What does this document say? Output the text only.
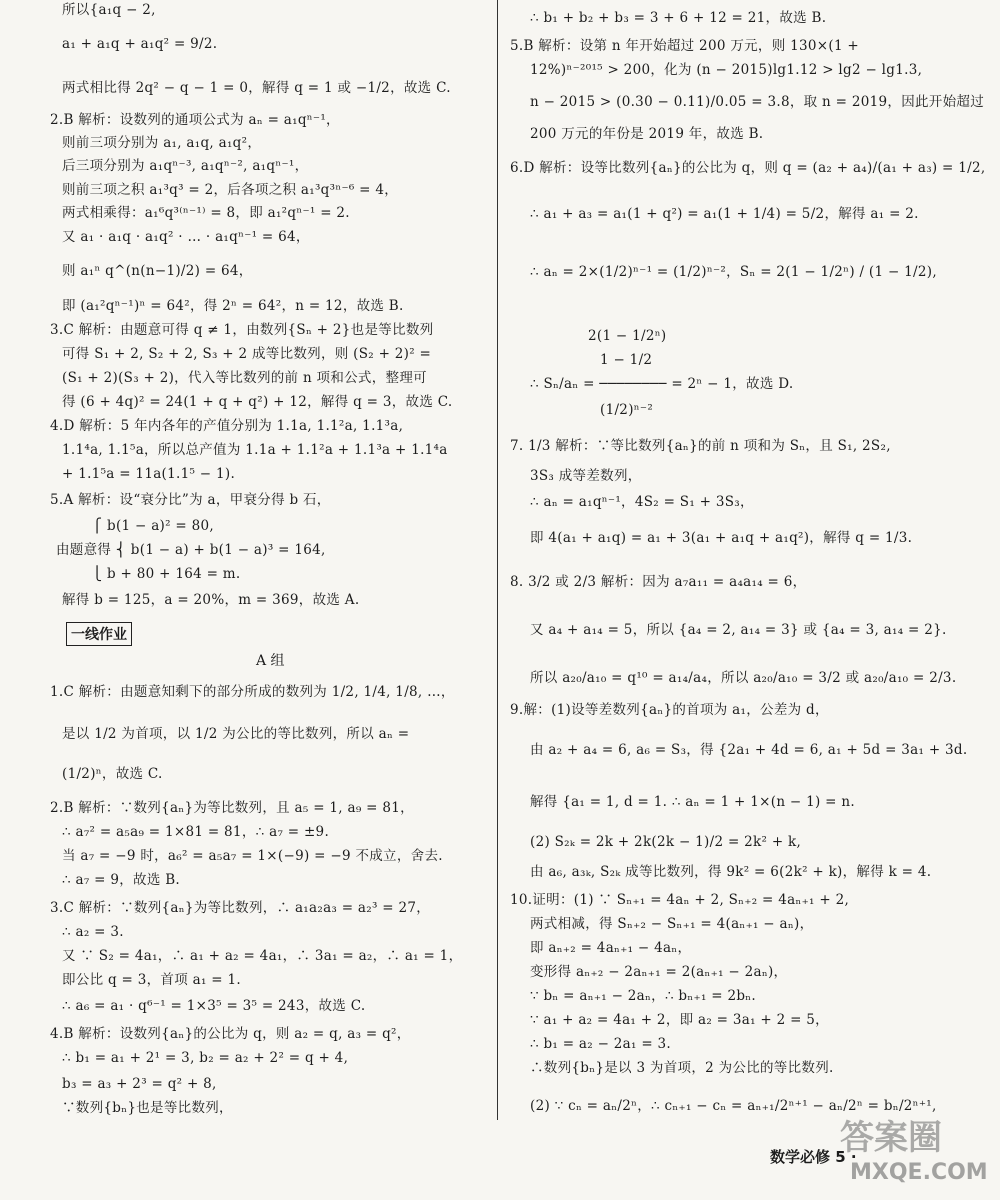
所以{a₁q − 2,
a₁ + a₁q + a₁q² = 9/2.
两式相比得 2q² − q − 1 = 0，解得 q = 1 或 −1/2，故选 C.
2.B 解析：设数列的通项公式为 aₙ = a₁qⁿ⁻¹，
则前三项分别为 a₁, a₁q, a₁q²，
后三项分别为 a₁qⁿ⁻³, a₁qⁿ⁻², a₁qⁿ⁻¹，
则前三项之积 a₁³q³ = 2，后各项之积 a₁³q³ⁿ⁻⁶ = 4，
两式相乘得：a₁⁶q³⁽ⁿ⁻¹⁾ = 8，即 a₁²qⁿ⁻¹ = 2.
又 a₁ · a₁q · a₁q² · … · a₁qⁿ⁻¹ = 64，
则 a₁ⁿ q^(n(n−1)/2) = 64，
即 (a₁²qⁿ⁻¹)ⁿ = 64²，得 2ⁿ = 64²，n = 12，故选 B.
3.C 解析：由题意可得 q ≠ 1，由数列{Sₙ + 2}也是等比数列
可得 S₁ + 2, S₂ + 2, S₃ + 2 成等比数列，则 (S₂ + 2)² =
(S₁ + 2)(S₃ + 2)，代入等比数列的前 n 项和公式，整理可
得 (6 + 4q)² = 24(1 + q + q²) + 12，解得 q = 3，故选 C.
4.D 解析：5 年内各年的产值分别为 1.1a, 1.1²a, 1.1³a,
1.1⁴a, 1.1⁵a，所以总产值为 1.1a + 1.1²a + 1.1³a + 1.1⁴a
+ 1.1⁵a = 11a(1.1⁵ − 1).
5.A 解析：设“衰分比”为 a，甲衰分得 b 石，
⎧ b(1 − a)² = 80,
由题意得 ⎨ b(1 − a) + b(1 − a)³ = 164,
⎩ b + 80 + 164 = m.
解得 b = 125，a = 20%，m = 369，故选 A.
1.C 解析：由题意知剩下的部分所成的数列为 1/2, 1/4, 1/8, …，
是以 1/2 为首项，以 1/2 为公比的等比数列，所以 aₙ =
(1/2)ⁿ，故选 C.
2.B 解析：∵数列{aₙ}为等比数列，且 a₅ = 1, a₉ = 81，
∴ a₇² = a₅a₉ = 1×81 = 81，∴ a₇ = ±9.
当 a₇ = −9 时，a₆² = a₅a₇ = 1×(−9) = −9 不成立，舍去.
∴ a₇ = 9，故选 B.
3.C 解析：∵数列{aₙ}为等比数列，∴ a₁a₂a₃ = a₂³ = 27，
∴ a₂ = 3.
又 ∵ S₂ = 4a₁，∴ a₁ + a₂ = 4a₁，∴ 3a₁ = a₂，∴ a₁ = 1，
即公比 q = 3，首项 a₁ = 1.
∴ a₆ = a₁ · q⁶⁻¹ = 1×3⁵ = 3⁵ = 243，故选 C.
4.B 解析：设数列{aₙ}的公比为 q，则 a₂ = q, a₃ = q²，
∴ b₁ = a₁ + 2¹ = 3, b₂ = a₂ + 2² = q + 4,
b₃ = a₃ + 2³ = q² + 8,
∵数列{bₙ}也是等比数列，
一线作业
A 组
∴ b₁ + b₂ + b₃ = 3 + 6 + 12 = 21，故选 B.
5.B 解析：设第 n 年开始超过 200 万元，则 130×(1 +
12%)ⁿ⁻²⁰¹⁵ > 200，化为 (n − 2015)lg1.12 > lg2 − lg1.3,
n − 2015 > (0.30 − 0.11)/0.05 = 3.8，取 n = 2019，因此开始超过
200 万元的年份是 2019 年，故选 B.
6.D 解析：设等比数列{aₙ}的公比为 q，则 q = (a₂ + a₄)/(a₁ + a₃) = 1/2,
∴ a₁ + a₃ = a₁(1 + q²) = a₁(1 + 1/4) = 5/2，解得 a₁ = 2.
∴ aₙ = 2×(1/2)ⁿ⁻¹ = (1/2)ⁿ⁻²，Sₙ = 2(1 − 1/2ⁿ) / (1 − 1/2),
2(1 − 1/2ⁿ)
1 − 1/2
∴ Sₙ/aₙ = ──────── = 2ⁿ − 1，故选 D.
(1/2)ⁿ⁻²
7. 1/3 解析：∵等比数列{aₙ}的前 n 项和为 Sₙ，且 S₁, 2S₂,
3S₃ 成等差数列，
∴ aₙ = a₁qⁿ⁻¹，4S₂ = S₁ + 3S₃，
即 4(a₁ + a₁q) = a₁ + 3(a₁ + a₁q + a₁q²)，解得 q = 1/3.
8. 3/2 或 2/3 解析：因为 a₇a₁₁ = a₄a₁₄ = 6，
又 a₄ + a₁₄ = 5，所以 {a₄ = 2, a₁₄ = 3} 或 {a₄ = 3, a₁₄ = 2}.
所以 a₂₀/a₁₀ = q¹⁰ = a₁₄/a₄，所以 a₂₀/a₁₀ = 3/2 或 a₂₀/a₁₀ = 2/3.
9.解：(1)设等差数列{aₙ}的首项为 a₁，公差为 d，
由 a₂ + a₄ = 6, a₆ = S₃，得 {2a₁ + 4d = 6, a₁ + 5d = 3a₁ + 3d.
解得 {a₁ = 1, d = 1. ∴ aₙ = 1 + 1×(n − 1) = n.
(2) S₂ₖ = 2k + 2k(2k − 1)/2 = 2k² + k,
由 a₆, a₃ₖ, S₂ₖ 成等比数列，得 9k² = 6(2k² + k)，解得 k = 4.
10.证明：(1) ∵ Sₙ₊₁ = 4aₙ + 2, Sₙ₊₂ = 4aₙ₊₁ + 2,
两式相减，得 Sₙ₊₂ − Sₙ₊₁ = 4(aₙ₊₁ − aₙ)，
即 aₙ₊₂ = 4aₙ₊₁ − 4aₙ，
变形得 aₙ₊₂ − 2aₙ₊₁ = 2(aₙ₊₁ − 2aₙ)，
∵ bₙ = aₙ₊₁ − 2aₙ，∴ bₙ₊₁ = 2bₙ.
∵ a₁ + a₂ = 4a₁ + 2，即 a₂ = 3a₁ + 2 = 5，
∴ b₁ = a₂ − 2a₁ = 3.
∴数列{bₙ}是以 3 为首项，2 为公比的等比数列.
(2) ∵ cₙ = aₙ/2ⁿ，∴ cₙ₊₁ − cₙ = aₙ₊₁/2ⁿ⁺¹ − aₙ/2ⁿ = bₙ/2ⁿ⁺¹,
数学必修 5 ·
答案圈
MXQE.COM
